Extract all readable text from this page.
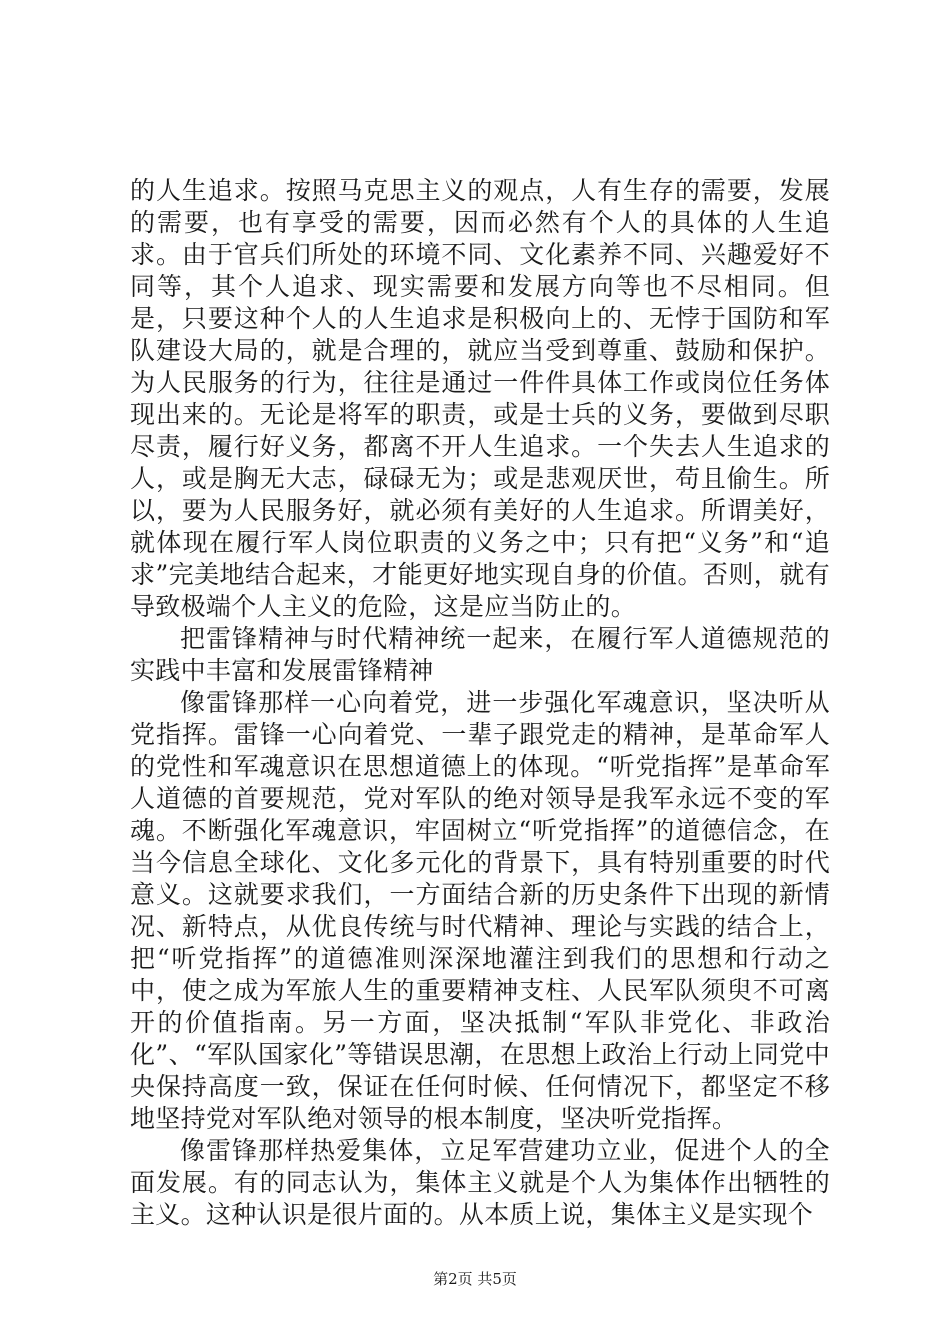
的人生追求。按照马克思主义的观点，人有生存的需要，发展的需要，也有享受的需要，因而必然有个人的具体的人生追求。由于官兵们所处的环境不同、文化素养不同、兴趣爱好不同等，其个人追求、现实需要和发展方向等也不尽相同。但是，只要这种个人的人生追求是积极向上的、无悖于国防和军队建设大局的，就是合理的，就应当受到尊重、鼓励和保护。为人民服务的行为，往往是通过一件件具体工作或岗位任务体现出来的。无论是将军的职责，或是士兵的义务，要做到尽职尽责，履行好义务，都离不开人生追求。一个失去人生追求的人，或是胸无大志，碌碌无为；或是悲观厌世，苟且偷生。所以，要为人民服务好，就必须有美好的人生追求。所谓美好，就体现在履行军人岗位职责的义务之中；只有把“义务”和“追求”完美地结合起来，才能更好地实现自身的价值。否则，就有导致极端个人主义的危险，这是应当防止的。

把雷锋精神与时代精神统一起来，在履行军人道德规范的实践中丰富和发展雷锋精神

像雷锋那样一心向着党，进一步强化军魂意识，坚决听从党指挥。雷锋一心向着党、一辈子跟党走的精神，是革命军人的党性和军魂意识在思想道德上的体现。“听党指挥”是革命军人道德的首要规范，党对军队的绝对领导是我军永远不变的军魂。不断强化军魂意识，牢固树立“听党指挥”的道德信念，在当今信息全球化、文化多元化的背景下，具有特别重要的时代意义。这就要求我们，一方面结合新的历史条件下出现的新情况、新特点，从优良传统与时代精神、理论与实践的结合上，把“听党指挥”的道德准则深深地灌注到我们的思想和行动之中，使之成为军旅人生的重要精神支柱、人民军队须臾不可离开的价值指南。另一方面，坚决抵制“军队非党化、非政治化”、“军队国家化”等错误思潮，在思想上政治上行动上同党中央保持高度一致，保证在任何时候、任何情况下，都坚定不移地坚持党对军队绝对领导的根本制度，坚决听党指挥。

像雷锋那样热爱集体，立足军营建功立业，促进个人的全面发展。有的同志认为，集体主义就是个人为集体作出牺牲的主义。这种认识是很片面的。从本质上说，集体主义是实现个

第2页 共5页
